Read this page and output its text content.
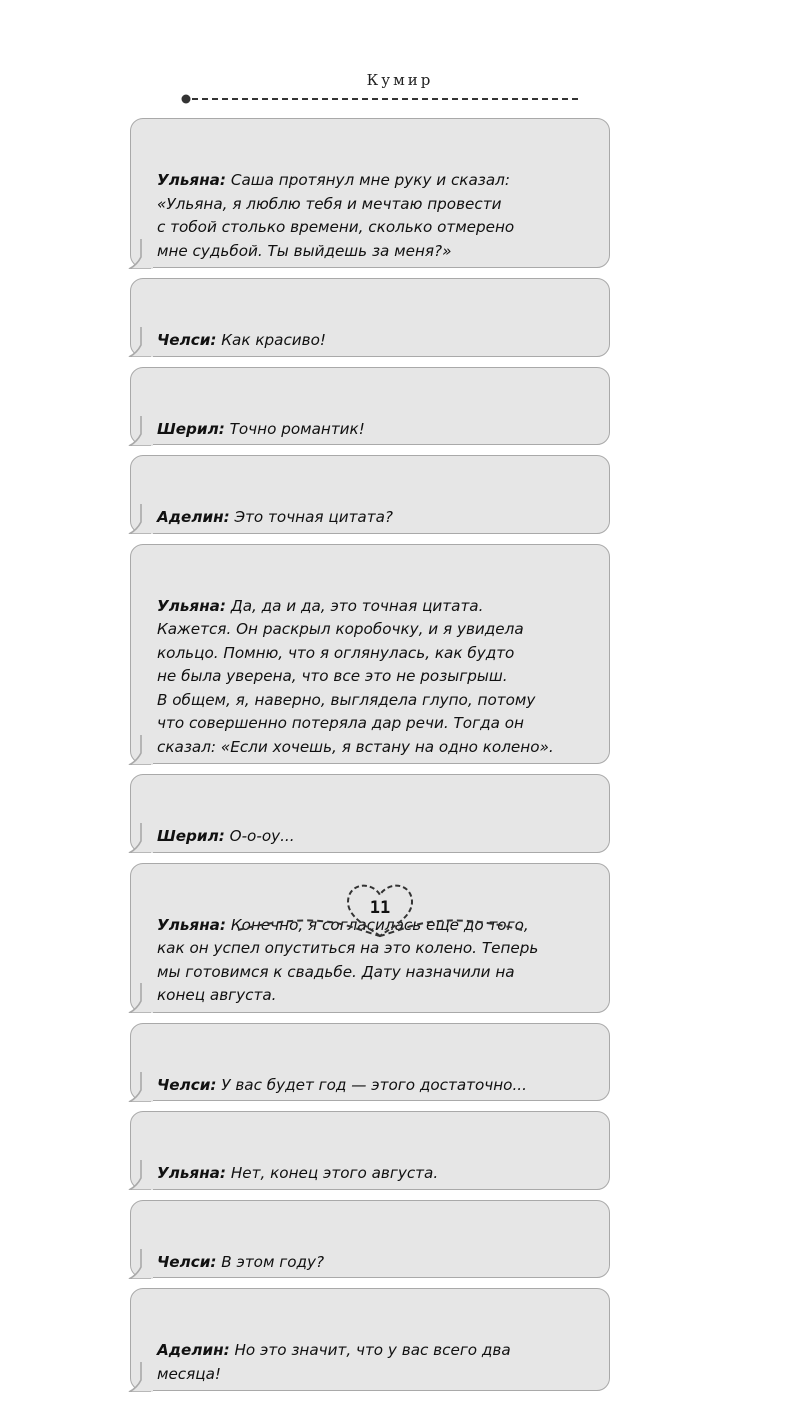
Кумир

Ульяна: Саша протянул мне руку и сказал:
«Ульяна, я люблю тебя и мечтаю провести
с тобой столько времени, сколько отмерено
мне судьбой. Ты выйдешь за меня?»

Челси: Как красиво!

Шерил: Точно романтик!

Аделин: Это точная цитата?

Ульяна: Да, да и да, это точная цитата.
Кажется. Он раскрыл коробочку, и я увидела
кольцо. Помню, что я оглянулась, как будто
не была уверена, что все это не розыгрыш.
В общем, я, наверно, выглядела глупо, потому
что совершенно потеряла дар речи. Тогда он
сказал: «Если хочешь, я встану на одно колено».

Шерил: О-о-оу...

Ульяна: Конечно, я согласилась еще до того,
как он успел опуститься на это колено. Теперь
мы готовимся к свадьбе. Дату назначили на
конец августа.

Челси: У вас будет год — этого достаточно...

Ульяна: Нет, конец этого августа.

Челси: В этом году?

Аделин: Но это значит, что у вас всего два
месяца!

11
